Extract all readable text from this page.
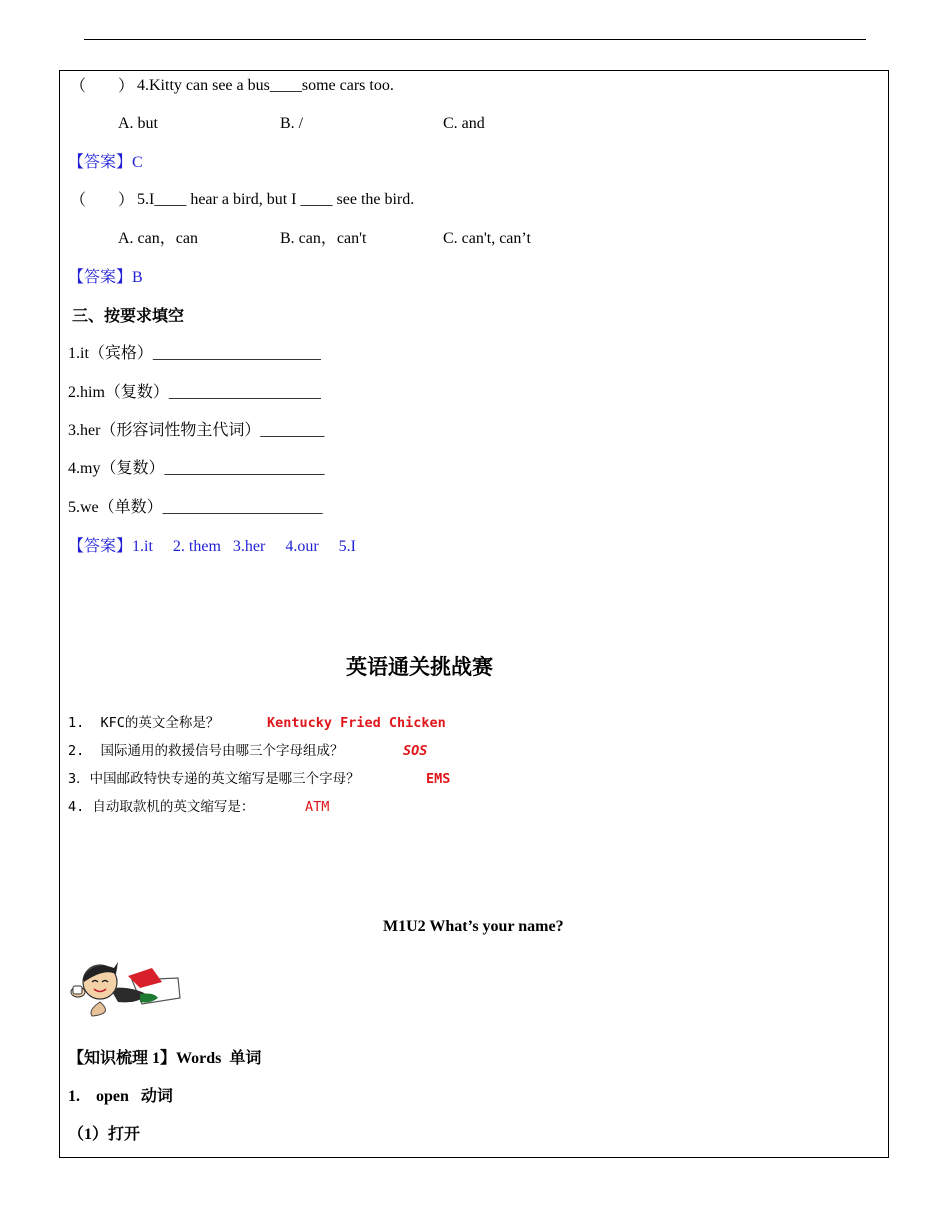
（　　） 4.Kitty can see a bus____some cars too.
A. but	B. /	C. and
【答案】C
（　　） 5.I____ hear a bird, but I ____ see the bird.
A. can，can	B. can，can't	C. can't, can’t
【答案】B
三、按要求填空
1.it（宾格）_____________________
2.him（复数）___________________
3.her（形容词性物主代词）________
4.my（复数）____________________
5.we（单数）____________________
【答案】1.it     2. them   3.her     4.our     5.I
英语通关挑战赛
1.  KFC的英文全称是？	Kentucky Fried Chicken
2.  国际通用的救援信号由哪三个字母组成？	SOS
3．中国邮政特快专递的英文缩写是哪三个字母？	EMS
4. 自动取款机的英文缩写是：	ATM
M1U2 What’s your name?
【知识梳理 1】Words  单词
1.    open   动词
（1）打开
